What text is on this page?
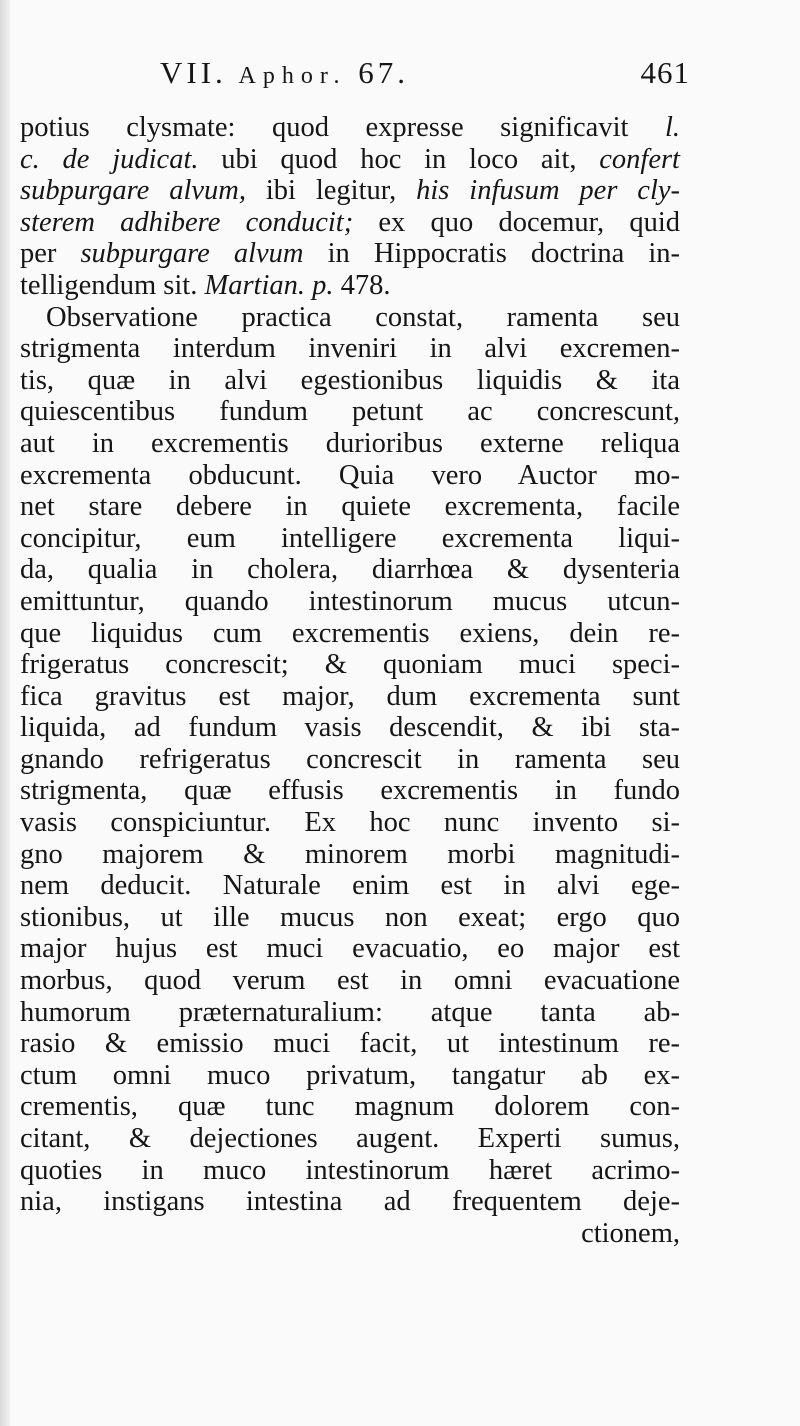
VII. Aphor. 67.	461
potius clysmate: quod expresse significavit l.
c. de judicat. ubi quod hoc in loco ait, confert
subpurgare alvum, ibi legitur, his infusum per cly-
sterem adhibere conducit; ex quo docemur, quid
per subpurgare alvum in Hippocratis doctrina in-
telligendum sit. Martian. p. 478.
Observatione practica constat, ramenta seu
strigmenta interdum inveniri in alvi excremen-
tis, quæ in alvi egestionibus liquidis & ita
quiescentibus fundum petunt ac concrescunt,
aut in excrementis durioribus externe reliqua
excrementa obducunt. Quia vero Auctor mo-
net stare debere in quiete excrementa, facile
concipitur, eum intelligere excrementa liqui-
da, qualia in cholera, diarrhœa & dysenteria
emittuntur, quando intestinorum mucus utcun-
que liquidus cum excrementis exiens, dein re-
frigeratus concrescit; & quoniam muci speci-
fica gravitus est major, dum excrementa sunt
liquida, ad fundum vasis descendit, & ibi sta-
gnando refrigeratus concrescit in ramenta seu
strigmenta, quæ effusis excrementis in fundo
vasis conspiciuntur. Ex hoc nunc invento si-
gno majorem & minorem morbi magnitudi-
nem deducit. Naturale enim est in alvi ege-
stionibus, ut ille mucus non exeat; ergo quo
major hujus est muci evacuatio, eo major est
morbus, quod verum est in omni evacuatione
humorum præternaturalium: atque tanta ab-
rasio & emissio muci facit, ut intestinum re-
ctum omni muco privatum, tangatur ab ex-
crementis, quæ tunc magnum dolorem con-
citant, & dejectiones augent. Experti sumus,
quoties in muco intestinorum hæret acrimo-
nia, instigans intestina ad frequentem deje-
ctionem,
